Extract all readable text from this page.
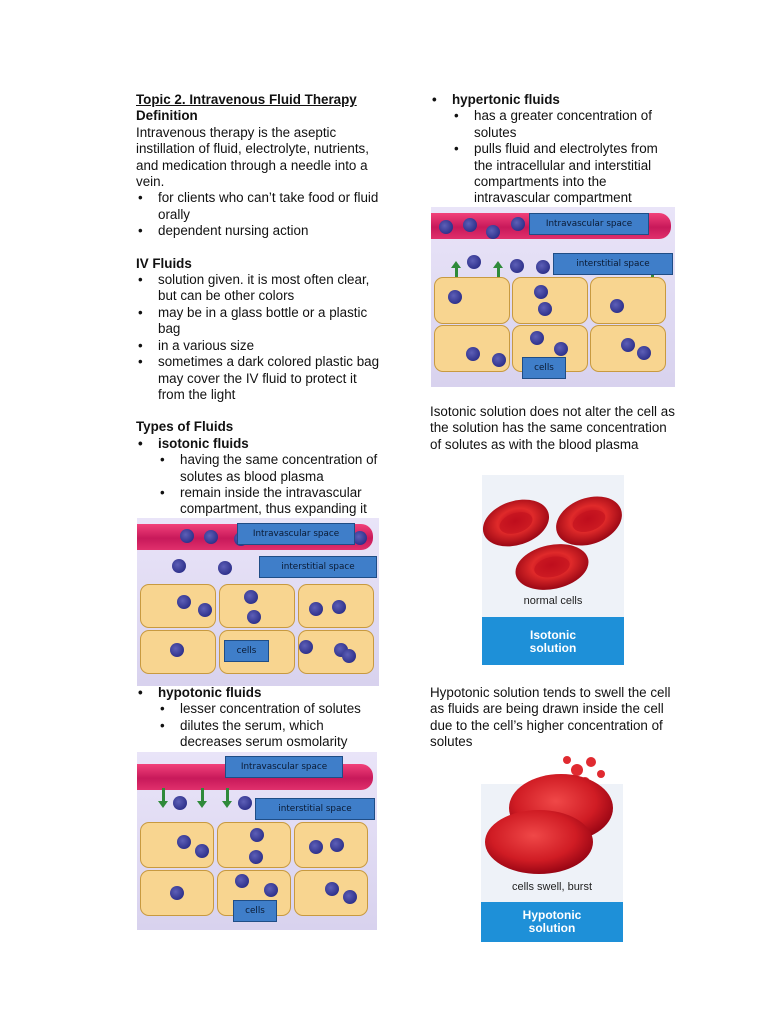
Topic 2. Intravenous Fluid Therapy
Definition

Intravenous therapy is the aseptic instillation of fluid, electrolyte, nutrients, and medication through a needle into a vein.

• for clients who can’t take food or fluid orally
• dependent nursing action
IV Fluids
• solution given. it is most often clear, but can be other colors
• may be in a glass bottle or a plastic bag
• in a various size
• sometimes a dark colored plastic bag may cover the IV fluid to protect it from the light
Types of Fluids
• isotonic fluids
• having the same concentration of solutes as blood plasma
• remain inside the intravascular compartment, thus expanding it
Intravascular space
interstitial space
cells
• hypotonic fluids
• lesser concentration of solutes
• dilutes the serum, which decreases serum osmolarity
Intravascular space
interstitial space
cells
• hypertonic fluids
• has a greater concentration of solutes
• pulls fluid and electrolytes from the intracellular and interstitial compartments into the intravascular compartment
Intravascular space
interstitial space
cells

Isotonic solution does not alter the cell as the solution has the same concentration of solutes as with the blood plasma

normal cells
Isotonic
solution

Hypotonic solution tends to swell the cell as fluids are being drawn inside the cell due to the cell’s higher concentration of solutes

cells swell, burst
Hypotonic
solution
